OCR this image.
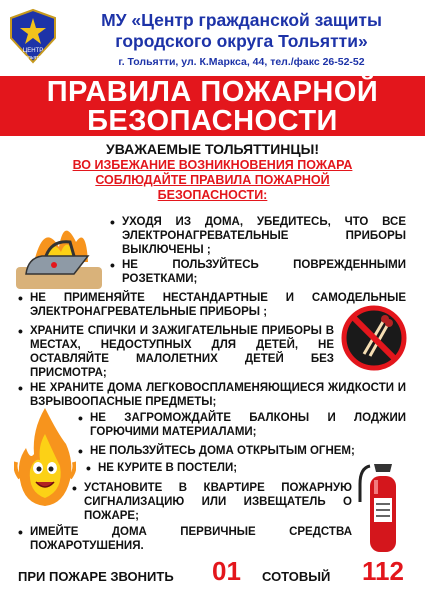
ЦЕНТР
Тольятти
МУ «Центр гражданской защиты
городского округа Тольятти»
г. Тольятти, ул. К.Маркса, 44, тел./факс 26-52-52
ПРАВИЛА ПОЖАРНОЙ
БЕЗОПАСНОСТИ
УВАЖАЕМЫЕ ТОЛЬЯТТИНЦЫ!
ВО ИЗБЕЖАНИЕ ВОЗНИКНОВЕНИЯ ПОЖАРА
СОБЛЮДАЙТЕ ПРАВИЛА ПОЖАРНОЙ
БЕЗОПАСНОСТИ:
• УХОДЯ ИЗ ДОМА, УБЕДИТЕСЬ, ЧТО ВСЕ ЭЛЕКТРОНАГРЕВАТЕЛЬНЫЕ ПРИБОРЫ ВЫКЛЮЧЕНЫ ;
• НЕ ПОЛЬЗУЙТЕСЬ ПОВРЕЖДЕННЫМИ РОЗЕТКАМИ;
• НЕ ПРИМЕНЯЙТЕ НЕСТАНДАРТНЫЕ И САМОДЕЛЬНЫЕ ЭЛЕКТРОНАГРЕВАТЕЛЬНЫЕ ПРИБОРЫ ;
• ХРАНИТЕ СПИЧКИ И ЗАЖИГАТЕЛЬНЫЕ ПРИБОРЫ В МЕСТАХ, НЕДОСТУПНЫХ ДЛЯ ДЕТЕЙ, НЕ ОСТАВЛЯЙТЕ МАЛОЛЕТНИХ ДЕТЕЙ БЕЗ ПРИСМОТРА;
• НЕ ХРАНИТЕ ДОМА ЛЕГКОВОСПЛАМЕНЯЮЩИЕСЯ ЖИДКОСТИ И ВЗРЫВООПАСНЫЕ ПРЕДМЕТЫ;
• НЕ ЗАГРОМОЖДАЙТЕ БАЛКОНЫ И ЛОДЖИИ ГОРЮЧИМИ МАТЕРИАЛАМИ;
• НЕ ПОЛЬЗУЙТЕСЬ ДОМА ОТКРЫТЫМ ОГНЕМ;
• НЕ КУРИТЕ В ПОСТЕЛИ;
• УСТАНОВИТЕ В КВАРТИРЕ ПОЖАРНУЮ СИГНАЛИЗАЦИЮ ИЛИ ИЗВЕЩАТЕЛЬ О ПОЖАРЕ;
• ИМЕЙТЕ ДОМА ПЕРВИЧНЫЕ СРЕДСТВА ПОЖАРОТУШЕНИЯ.
ПРИ ПОЖАРЕ ЗВОНИТЬ 01 СОТОВЫЙ 112
